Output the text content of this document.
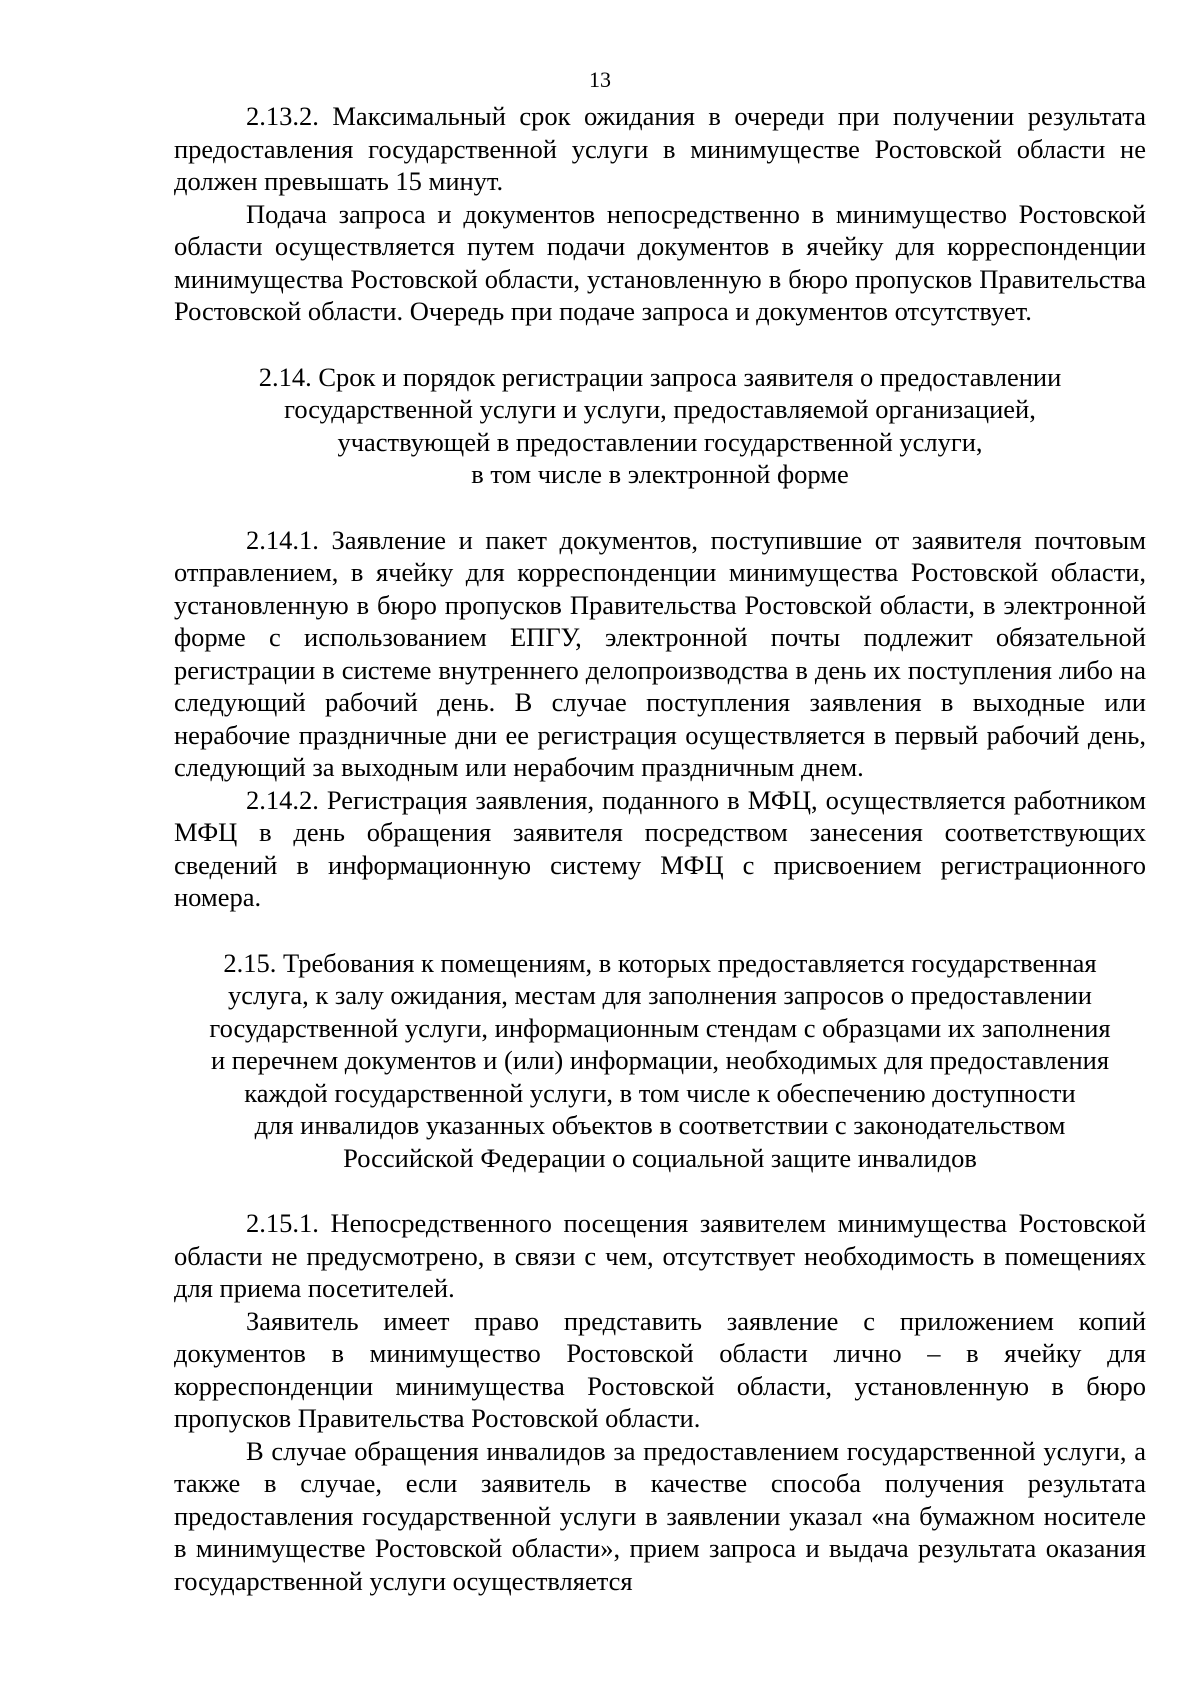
13

2.13.2. Максимальный срок ожидания в очереди при получении результата предоставления государственной услуги в минимуществе Ростовской области не должен превышать 15 минут.

Подача запроса и документов непосредственно в минимущество Ростовской области осуществляется путем подачи документов в ячейку для корреспонденции минимущества Ростовской области, установленную в бюро пропусков Правительства Ростовской области. Очередь при подаче запроса и документов отсутствует.

2.14. Срок и порядок регистрации запроса заявителя о предоставлении
государственной услуги и услуги, предоставляемой организацией,
участвующей в предоставлении государственной услуги,
в том числе в электронной форме

2.14.1. Заявление и пакет документов, поступившие от заявителя почтовым отправлением, в ячейку для корреспонденции минимущества Ростовской области, установленную в бюро пропусков Правительства Ростовской области, в электронной форме с использованием ЕПГУ, электронной почты подлежит обязательной регистрации в системе внутреннего делопроизводства в день их поступления либо на следующий рабочий день. В случае поступления заявления в выходные или нерабочие праздничные дни ее регистрация осуществляется в первый рабочий день, следующий за выходным или нерабочим праздничным днем.

2.14.2. Регистрация заявления, поданного в МФЦ, осуществляется работником МФЦ в день обращения заявителя посредством занесения соответствующих сведений в информационную систему МФЦ с присвоением регистрационного номера.

2.15. Требования к помещениям, в которых предоставляется государственная
услуга, к залу ожидания, местам для заполнения запросов о предоставлении
государственной услуги, информационным стендам с образцами их заполнения
и перечнем документов и (или) информации, необходимых для предоставления
каждой государственной услуги, в том числе к обеспечению доступности
для инвалидов указанных объектов в соответствии с законодательством
Российской Федерации о социальной защите инвалидов

2.15.1. Непосредственного посещения заявителем минимущества Ростовской области не предусмотрено, в связи с чем, отсутствует необходимость в помещениях для приема посетителей.

Заявитель имеет право представить заявление с приложением копий документов в минимущество Ростовской области лично – в ячейку для корреспонденции минимущества Ростовской области, установленную в бюро пропусков Правительства Ростовской области.

В случае обращения инвалидов за предоставлением государственной услуги, а также в случае, если заявитель в качестве способа получения результата предоставления государственной услуги в заявлении указал «на бумажном носителе в минимуществе Ростовской области», прием запроса и выдача результата оказания государственной услуги осуществляется
